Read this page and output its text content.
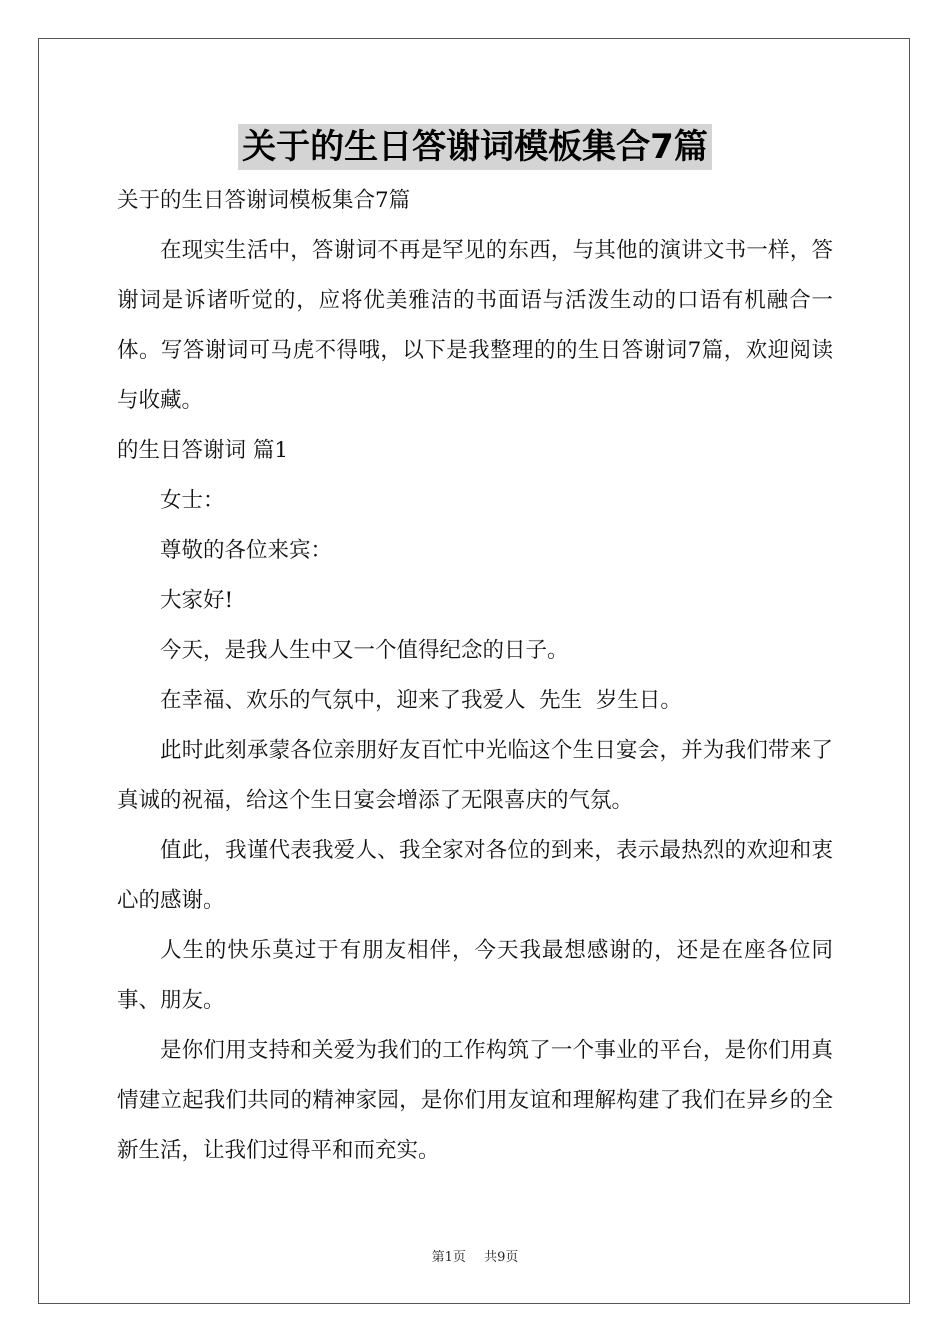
关于的生日答谢词模板集合7篇

关于的生日答谢词模板集合7篇

在现实生活中，答谢词不再是罕见的东西，与其他的演讲文书一样，答谢词是诉诸听觉的，应将优美雅洁的书面语与活泼生动的口语有机融合一体。写答谢词可马虎不得哦，以下是我整理的的生日答谢词7篇，欢迎阅读与收藏。

的生日答谢词 篇1

女士：

尊敬的各位来宾：

大家好!

今天，是我人生中又一个值得纪念的日子。

在幸福、欢乐的气氛中，迎来了我爱人  先生  岁生日。

此时此刻承蒙各位亲朋好友百忙中光临这个生日宴会，并为我们带来了真诚的祝福，给这个生日宴会增添了无限喜庆的气氛。

值此，我谨代表我爱人、我全家对各位的到来，表示最热烈的欢迎和衷心的感谢。

人生的快乐莫过于有朋友相伴，今天我最想感谢的，还是在座各位同事、朋友。

是你们用支持和关爱为我们的工作构筑了一个事业的平台，是你们用真情建立起我们共同的精神家园，是你们用友谊和理解构建了我们在异乡的全新生活，让我们过得平和而充实。

第1页 共9页
